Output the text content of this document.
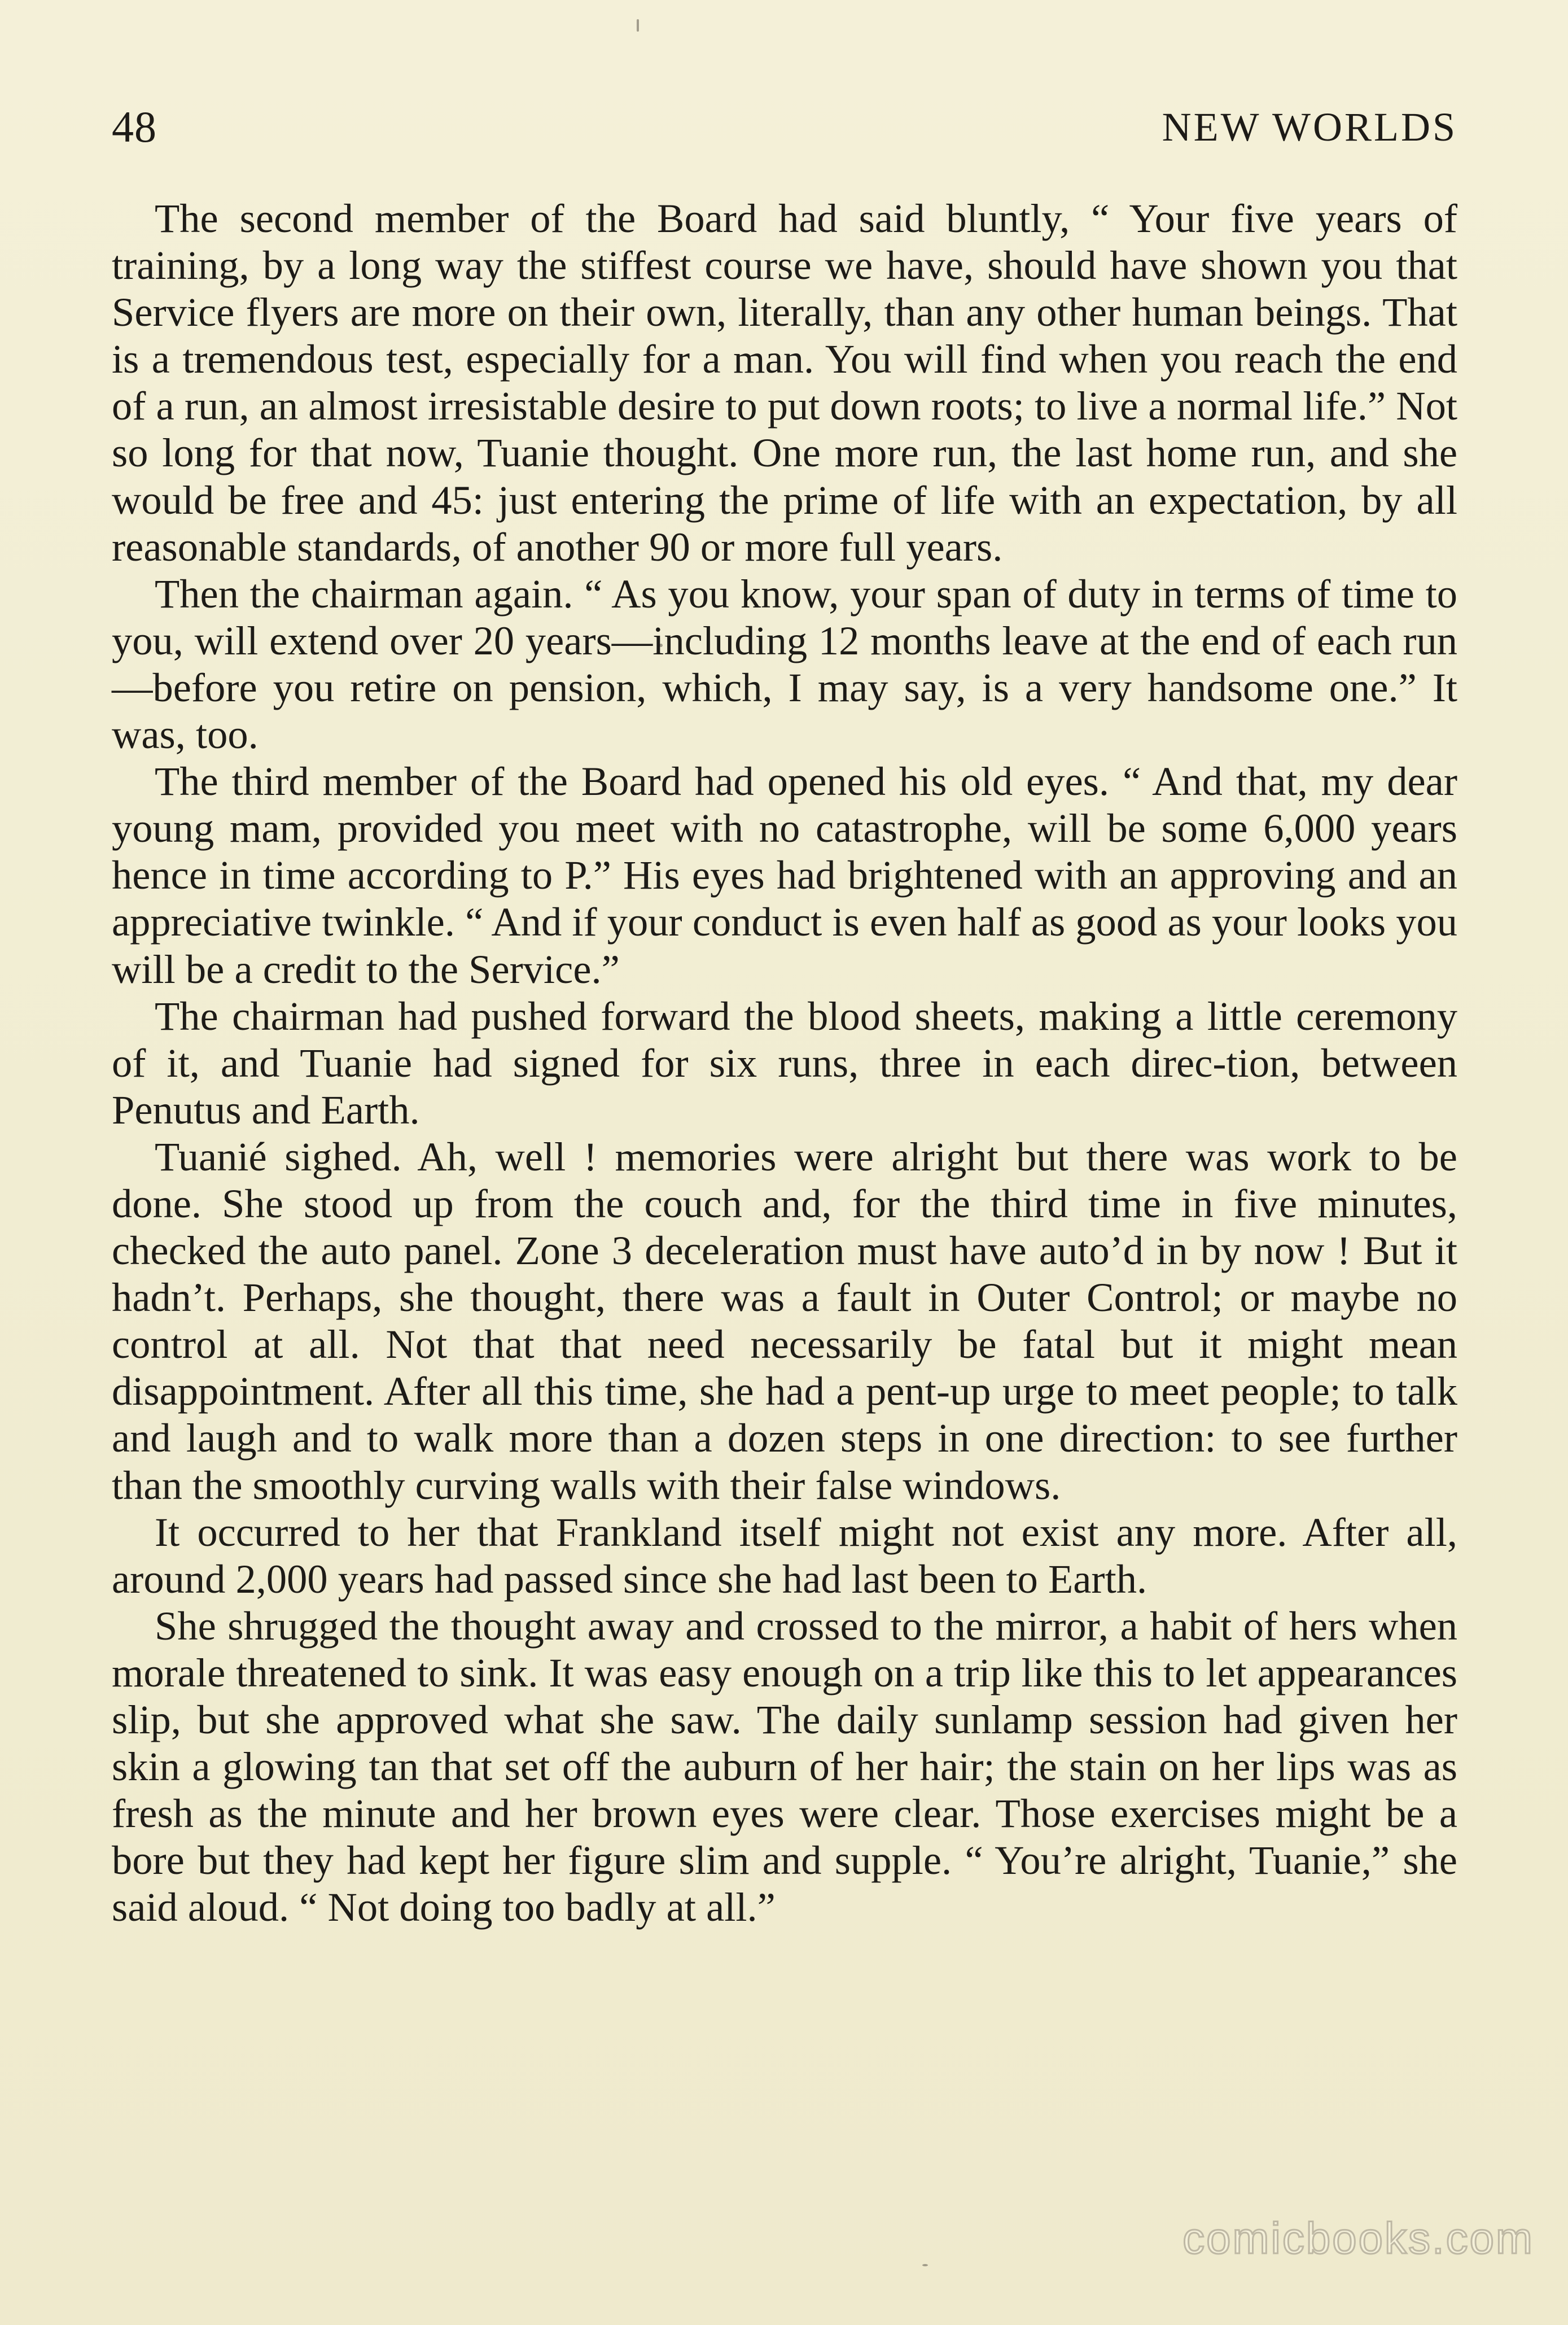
48	NEW WORLDS

The second member of the Board had said bluntly, “ Your five years of training, by a long way the stiffest course we have, should have shown you that Service flyers are more on their own, literally, than any other human beings. That is a tremendous test, especially for a man. You will find when you reach the end of a run, an almost irresistable desire to put down roots; to live a normal life.” Not so long for that now, Tuanie thought. One more run, the last home run, and she would be free and 45: just entering the prime of life with an expectation, by all reasonable standards, of another 90 or more full years.

Then the chairman again. “ As you know, your span of duty in terms of time to you, will extend over 20 years—including 12 months leave at the end of each run—before you retire on pension, which, I may say, is a very handsome one.” It was, too.

The third member of the Board had opened his old eyes. “ And that, my dear young mam, provided you meet with no catastrophe, will be some 6,000 years hence in time according to P.” His eyes had brightened with an approving and an appreciative twinkle. “ And if your conduct is even half as good as your looks you will be a credit to the Service.”

The chairman had pushed forward the blood sheets, making a little ceremony of it, and Tuanie had signed for six runs, three in each direc-tion, between Penutus and Earth.

Tuanié sighed. Ah, well ! memories were alright but there was work to be done. She stood up from the couch and, for the third time in five minutes, checked the auto panel. Zone 3 deceleration must have auto’d in by now ! But it hadn’t. Perhaps, she thought, there was a fault in Outer Control; or maybe no control at all. Not that that need necessarily be fatal but it might mean disappointment. After all this time, she had a pent-up urge to meet people; to talk and laugh and to walk more than a dozen steps in one direction: to see further than the smoothly curving walls with their false windows.

It occurred to her that Frankland itself might not exist any more. After all, around 2,000 years had passed since she had last been to Earth.

She shrugged the thought away and crossed to the mirror, a habit of hers when morale threatened to sink. It was easy enough on a trip like this to let appearances slip, but she approved what she saw. The daily sunlamp session had given her skin a glowing tan that set off the auburn of her hair; the stain on her lips was as fresh as the minute and her brown eyes were clear. Those exercises might be a bore but they had kept her figure slim and supple. “ You’re alright, Tuanie,” she said aloud. “ Not doing too badly at all.”

comicbooks.com
